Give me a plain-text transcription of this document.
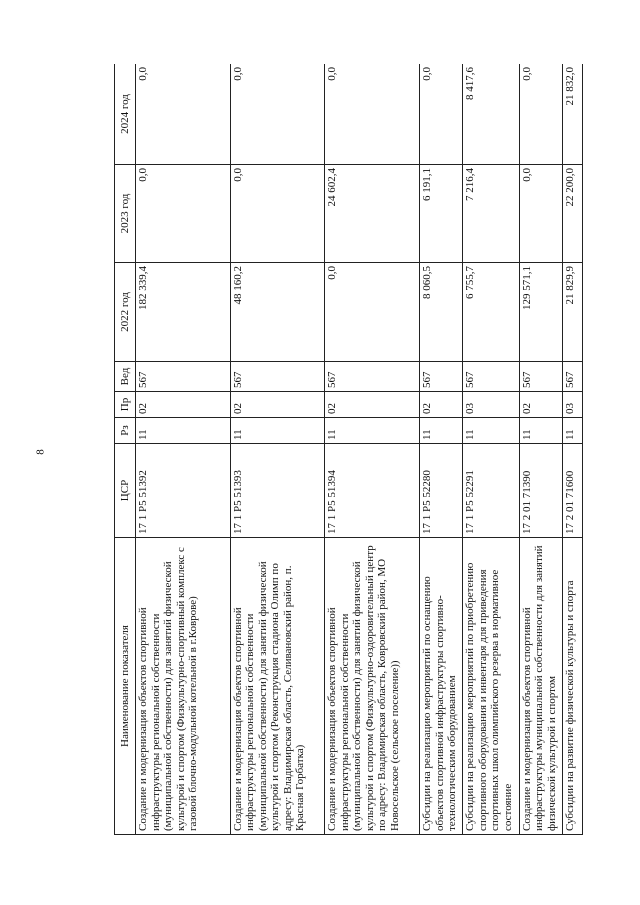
8
Наименование показателя	ЦСР	Рз	Пр	Вед	2022 год	2023 год	2024 год
Создание и модернизация объектов спортивной инфраструктуры региональной собственности (муниципальной собственности) для занятий физической культурой и спортом (Физкультурно-спортивный комплекс с газовой блочно-модульной котельной в г.Коврове)	17 1 Р5 51392	11	02	567	182 339,4	0,0	0,0
Создание и модернизация объектов спортивной инфраструктуры региональной собственности (муниципальной собственности) для занятий физической культурой и спортом (Реконструкция стадиона Олимп по адресу: Владимирская область, Селивановский район, п. Красная Горбатка)	17 1 Р5 51393	11	02	567	48 160,2	0,0	0,0
Создание и модернизация объектов спортивной инфраструктуры региональной собственности (муниципальной собственности) для занятий физической культурой и спортом (Физкультурно-оздоровительный центр по адресу: Владимирская область, Ковровский район, МО Новосельское (сельское поселение))	17 1 Р5 51394	11	02	567	0,0	24 602,4	0,0
Субсидии на реализацию мероприятий по оснащению объектов спортивной инфраструктуры спортивно-технологическим оборудованием	17 1 Р5 52280	11	02	567	8 060,5	6 191,1	0,0
Субсидии на реализацию мероприятий по приобретению спортивного оборудования и инвентаря для приведения спортивных школ олимпийского резерва в нормативное состояние	17 1 Р5 52291	11	03	567	6 755,7	7 216,4	8 417,6
Создание и модернизация объектов спортивной инфраструктуры муниципальной собственности для занятий физической культурой и спортом	17 2 01 71390	11	02	567	129 571,1	0,0	0,0
Субсидии на развитие физической культуры и спорта	17 2 01 71600	11	03	567	21 829,9	22 200,0	21 832,0
